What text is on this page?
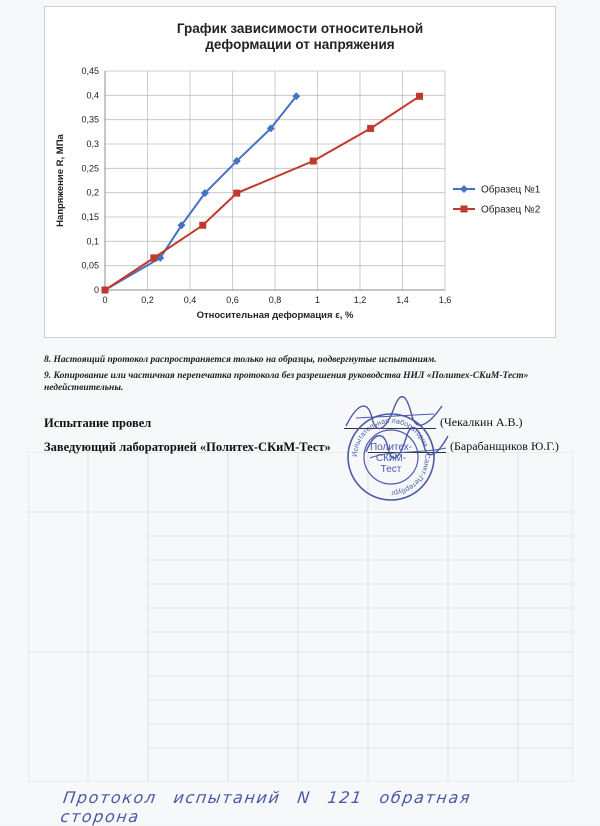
График зависимости относительной
деформации от напряжения
0
0,05
0,1
0,15
0,2
0,25
0,3
0,35
0,4
0,45
0	0,2	0,4	0,6	0,8	1	1,2	1,4	1,6
Относительная деформация ε, %
Напряжение R, МПа	Образец №1
Образец №2
8. Настоящий протокол распространяется только на образцы, подвергнутые испытаниям.
9. Копирование или частичная перепечатка протокола без разрешения руководства НИЛ «Политех-СКиМ-Тест» недействительны.
Испытание провел	(Чекалкин А.В.)
Заведующий лабораторией «Политех-СКиМ-Тест»	(Барабанщиков Ю.Г.)
Испытательная лаборатория · Санкт-Петербург
Политех-
СКиМ-
Тест
Протокол испытаний N 121 обратная сторона
